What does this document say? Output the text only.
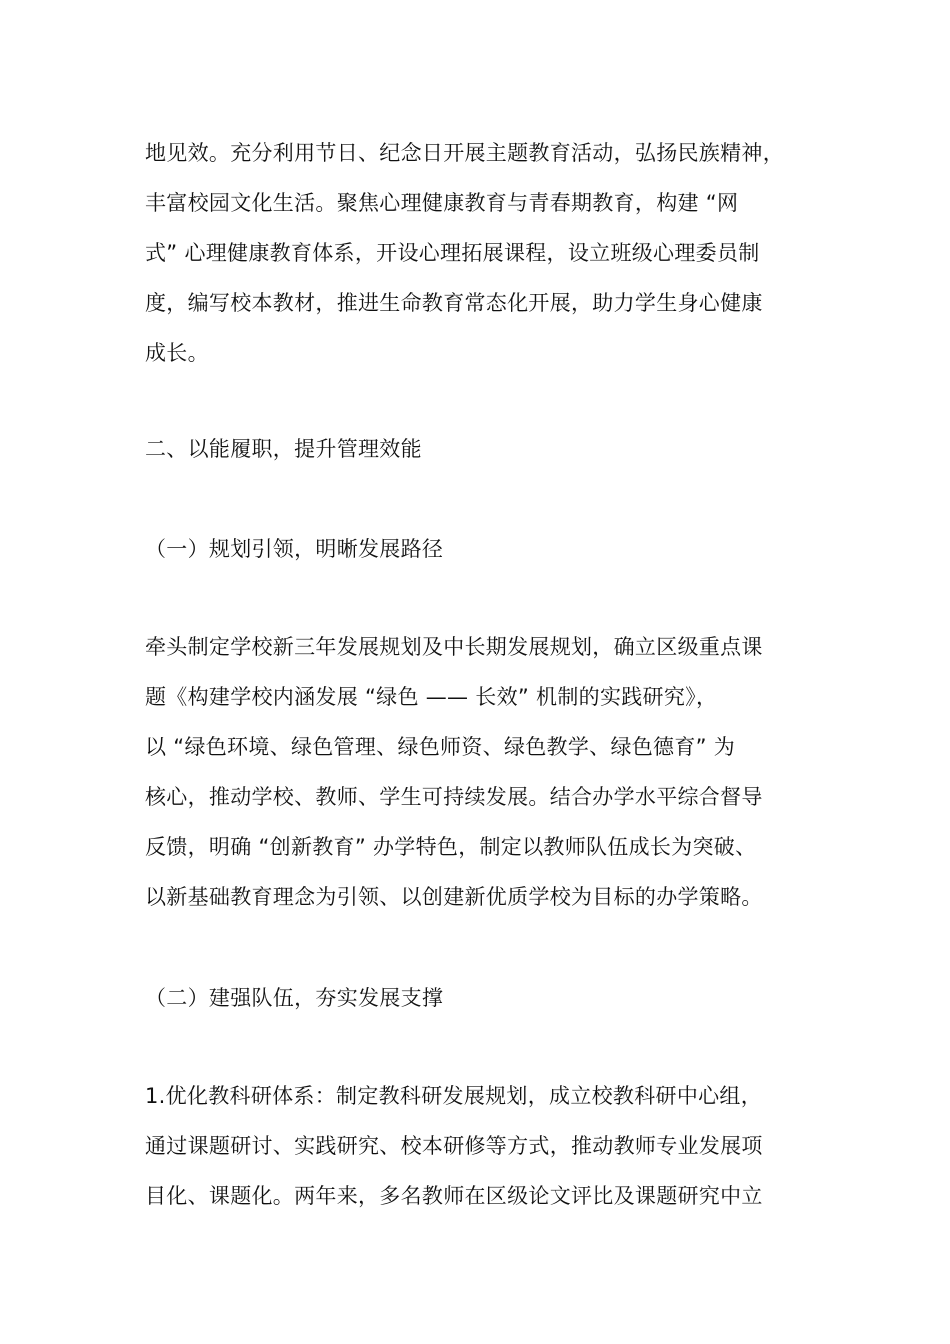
地见效。充分利用节日、纪念日开展主题教育活动，弘扬民族精神，
丰富校园文化生活。聚焦心理健康教育与青春期教育，构建 “网
式” 心理健康教育体系，开设心理拓展课程，设立班级心理委员制
度，编写校本教材，推进生命教育常态化开展，助力学生身心健康
成长。
二、以能履职，提升管理效能
（一）规划引领，明晰发展路径
牵头制定学校新三年发展规划及中长期发展规划，确立区级重点课
题《构建学校内涵发展 “绿色 —— 长效” 机制的实践研究》，
以 “绿色环境、绿色管理、绿色师资、绿色教学、绿色德育” 为
核心，推动学校、教师、学生可持续发展。结合办学水平综合督导
反馈，明确 “创新教育” 办学特色，制定以教师队伍成长为突破、
以新基础教育理念为引领、以创建新优质学校为目标的办学策略。
（二）建强队伍，夯实发展支撑
1.优化教科研体系：制定教科研发展规划，成立校教科研中心组，
通过课题研讨、实践研究、校本研修等方式，推动教师专业发展项
目化、课题化。两年来，多名教师在区级论文评比及课题研究中立
